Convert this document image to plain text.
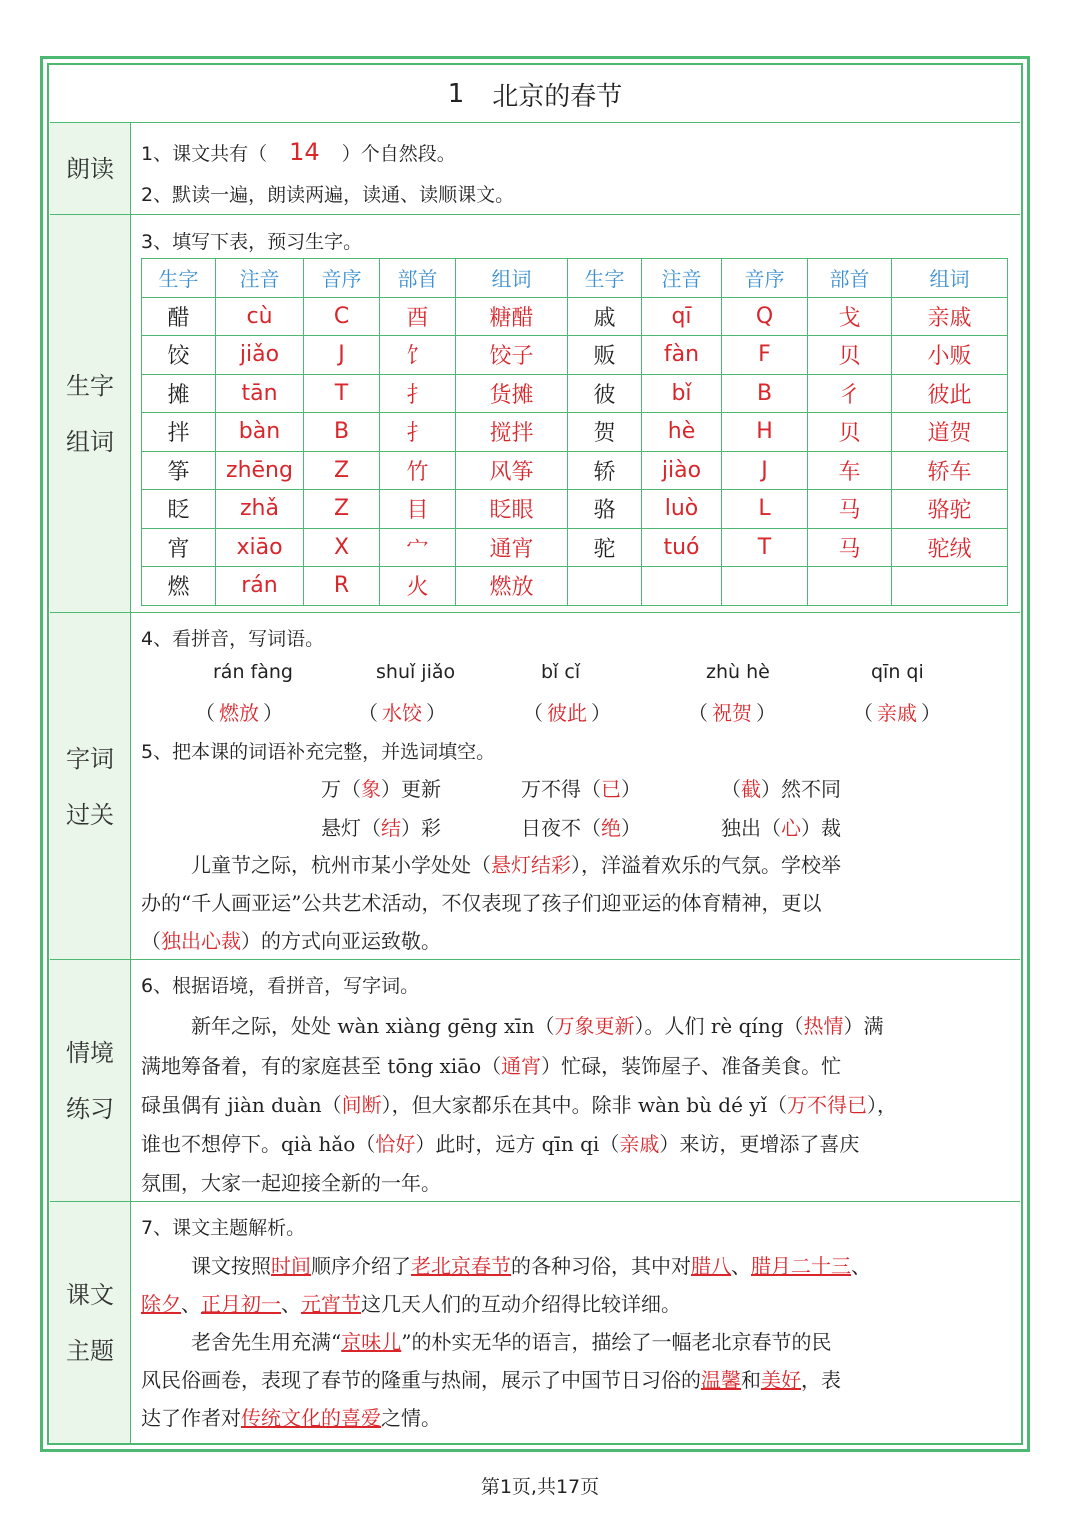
1 北京的春节
朗读
1、课文共有（ 14 ）个自然段。
2、默读一遍，朗读两遍，读通、读顺课文。
生字
组词
3、填写下表，预习生字。
生字	注音	音序	部首	组词	生字	注音	音序	部首	组词
醋	cù	C	酉	糖醋	戚	qī	Q	戈	亲戚
饺	jiǎo	J	饣	饺子	贩	fàn	F	贝	小贩
摊	tān	T	扌	货摊	彼	bǐ	B	彳	彼此
拌	bàn	B	扌	搅拌	贺	hè	H	贝	道贺
筝	zhēng	Z	竹	风筝	轿	jiào	J	车	轿车
眨	zhǎ	Z	目	眨眼	骆	luò	L	马	骆驼
宵	xiāo	X	宀	通宵	驼	tuó	T	马	驼绒
燃	rán	R	火	燃放					
字词
过关
4、看拼音，写词语。
rán fàng
（ 燃放 ）
shuǐ jiǎo
（ 水饺 ）
bǐ cǐ
（ 彼此 ）
zhù hè
（ 祝贺 ）
qīn qi
（ 亲戚 ）
5、把本课的词语补充完整，并选词填空。
万（象）更新	万不得（已）	（截）然不同
悬灯（结）彩	日夜不（绝）	独出（心）裁
儿童节之际，杭州市某小学处处（悬灯结彩），洋溢着欢乐的气氛。学校举
办的“千人画亚运”公共艺术活动，不仅表现了孩子们迎亚运的体育精神，更以
（独出心裁）的方式向亚运致敬。
情境
练习
6、根据语境，看拼音，写字词。
新年之际，处处 wàn xiàng gēng xīn（万象更新）。人们 rè qíng（热情）满
满地筹备着，有的家庭甚至 tōng xiāo（通宵）忙碌，装饰屋子、准备美食。忙
碌虽偶有 jiàn duàn（间断），但大家都乐在其中。除非 wàn bù dé yǐ（万不得已），
谁也不想停下。qià hǎo（恰好）此时，远方 qīn qi（亲戚）来访，更增添了喜庆
氛围，大家一起迎接全新的一年。
课文
主题
7、课文主题解析。
课文按照时间顺序介绍了老北京春节的各种习俗，其中对腊八、腊月二十三、
除夕、正月初一、元宵节这几天人们的互动介绍得比较详细。
老舍先生用充满“京味儿”的朴实无华的语言，描绘了一幅老北京春节的民
风民俗画卷，表现了春节的隆重与热闹，展示了中国节日习俗的温馨和美好，表
达了作者对传统文化的喜爱之情。
第1页,共17页
